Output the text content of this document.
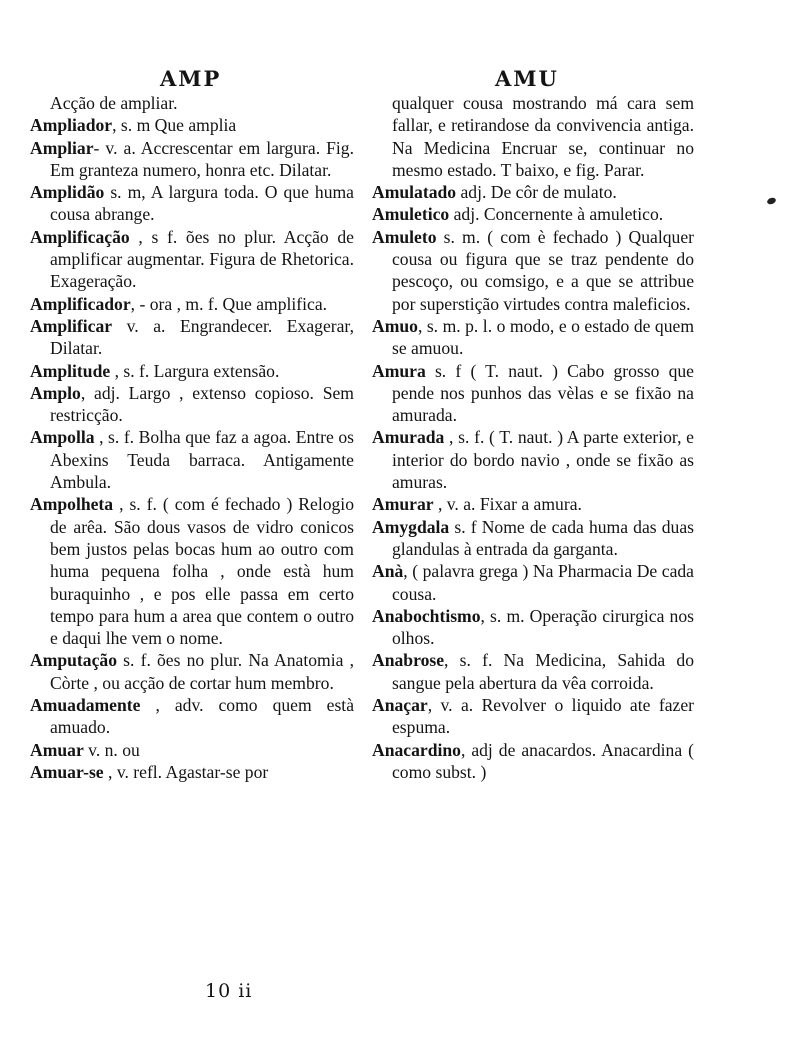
AMP	AMU

Acção de ampliar.

Ampliador, s. m Que amplia

Ampliar- v. a. Accrescentar em largura. Fig. Em granteza numero, honra etc. Dilatar.

Amplidão s. m, A largura toda. O que huma cousa abrange.

Amplificação , s f. ões no plur. Acção de amplificar augmentar. Figura de Rhetorica. Exageração.

Amplificador, - ora , m. f. Que amplifica.

Amplificar v. a. Engrandecer. Exagerar, Dilatar.

Amplitude , s. f. Largura extensão.

Amplo, adj. Largo , extenso copioso. Sem restricção.

Ampolla , s. f. Bolha que faz a agoa. Entre os Abexins Teuda barraca. Antigamente Ambula.

Ampolheta , s. f. ( com é fechado ) Relogio de arêa. São dous vasos de vidro conicos bem justos pelas bocas hum ao outro com huma pequena folha , onde està hum buraquinho , e pos elle passa em certo tempo para hum a area que contem o outro e daqui lhe vem o nome.

Amputação s. f. ões no plur. Na Anatomia , Còrte , ou acção de cortar hum membro.

Amuadamente , adv. como quem està amuado.

Amuar v. n. ou

Amuar-se , v. refl. Agastar-se por

qualquer cousa mostrando má cara sem fallar, e retirandose da convivencia antiga. Na Medicina Encruar se, continuar no mesmo estado. T baixo, e fig. Parar.

Amulatado adj. De côr de mulato.

Amuletico adj. Concernente à amuletico.

Amuleto s. m. ( com è fechado ) Qualquer cousa ou figura que se traz pendente do pescoço, ou comsigo, e a que se attribue por superstição virtudes contra maleficios.

Amuo, s. m. p. l. o modo, e o estado de quem se amuou.

Amura s. f ( T. naut. ) Cabo grosso que pende nos punhos das vèlas e se fixão na amurada.

Amurada , s. f. ( T. naut. ) A parte exterior, e interior do bordo navio , onde se fixão as amuras.

Amurar , v. a. Fixar a amura.

Amygdala s. f Nome de cada huma das duas glandulas à entrada da garganta.

Anà, ( palavra grega ) Na Pharmacia De cada cousa.

Anabochtismo, s. m. Operação cirurgica nos olhos.

Anabrose, s. f. Na Medicina, Sahida do sangue pela abertura da vêa corroida.

Anaçar, v. a. Revolver o liquido ate fazer espuma.

Anacardino, adj de anacardos. Anacardina ( como subst. )

10 ii
